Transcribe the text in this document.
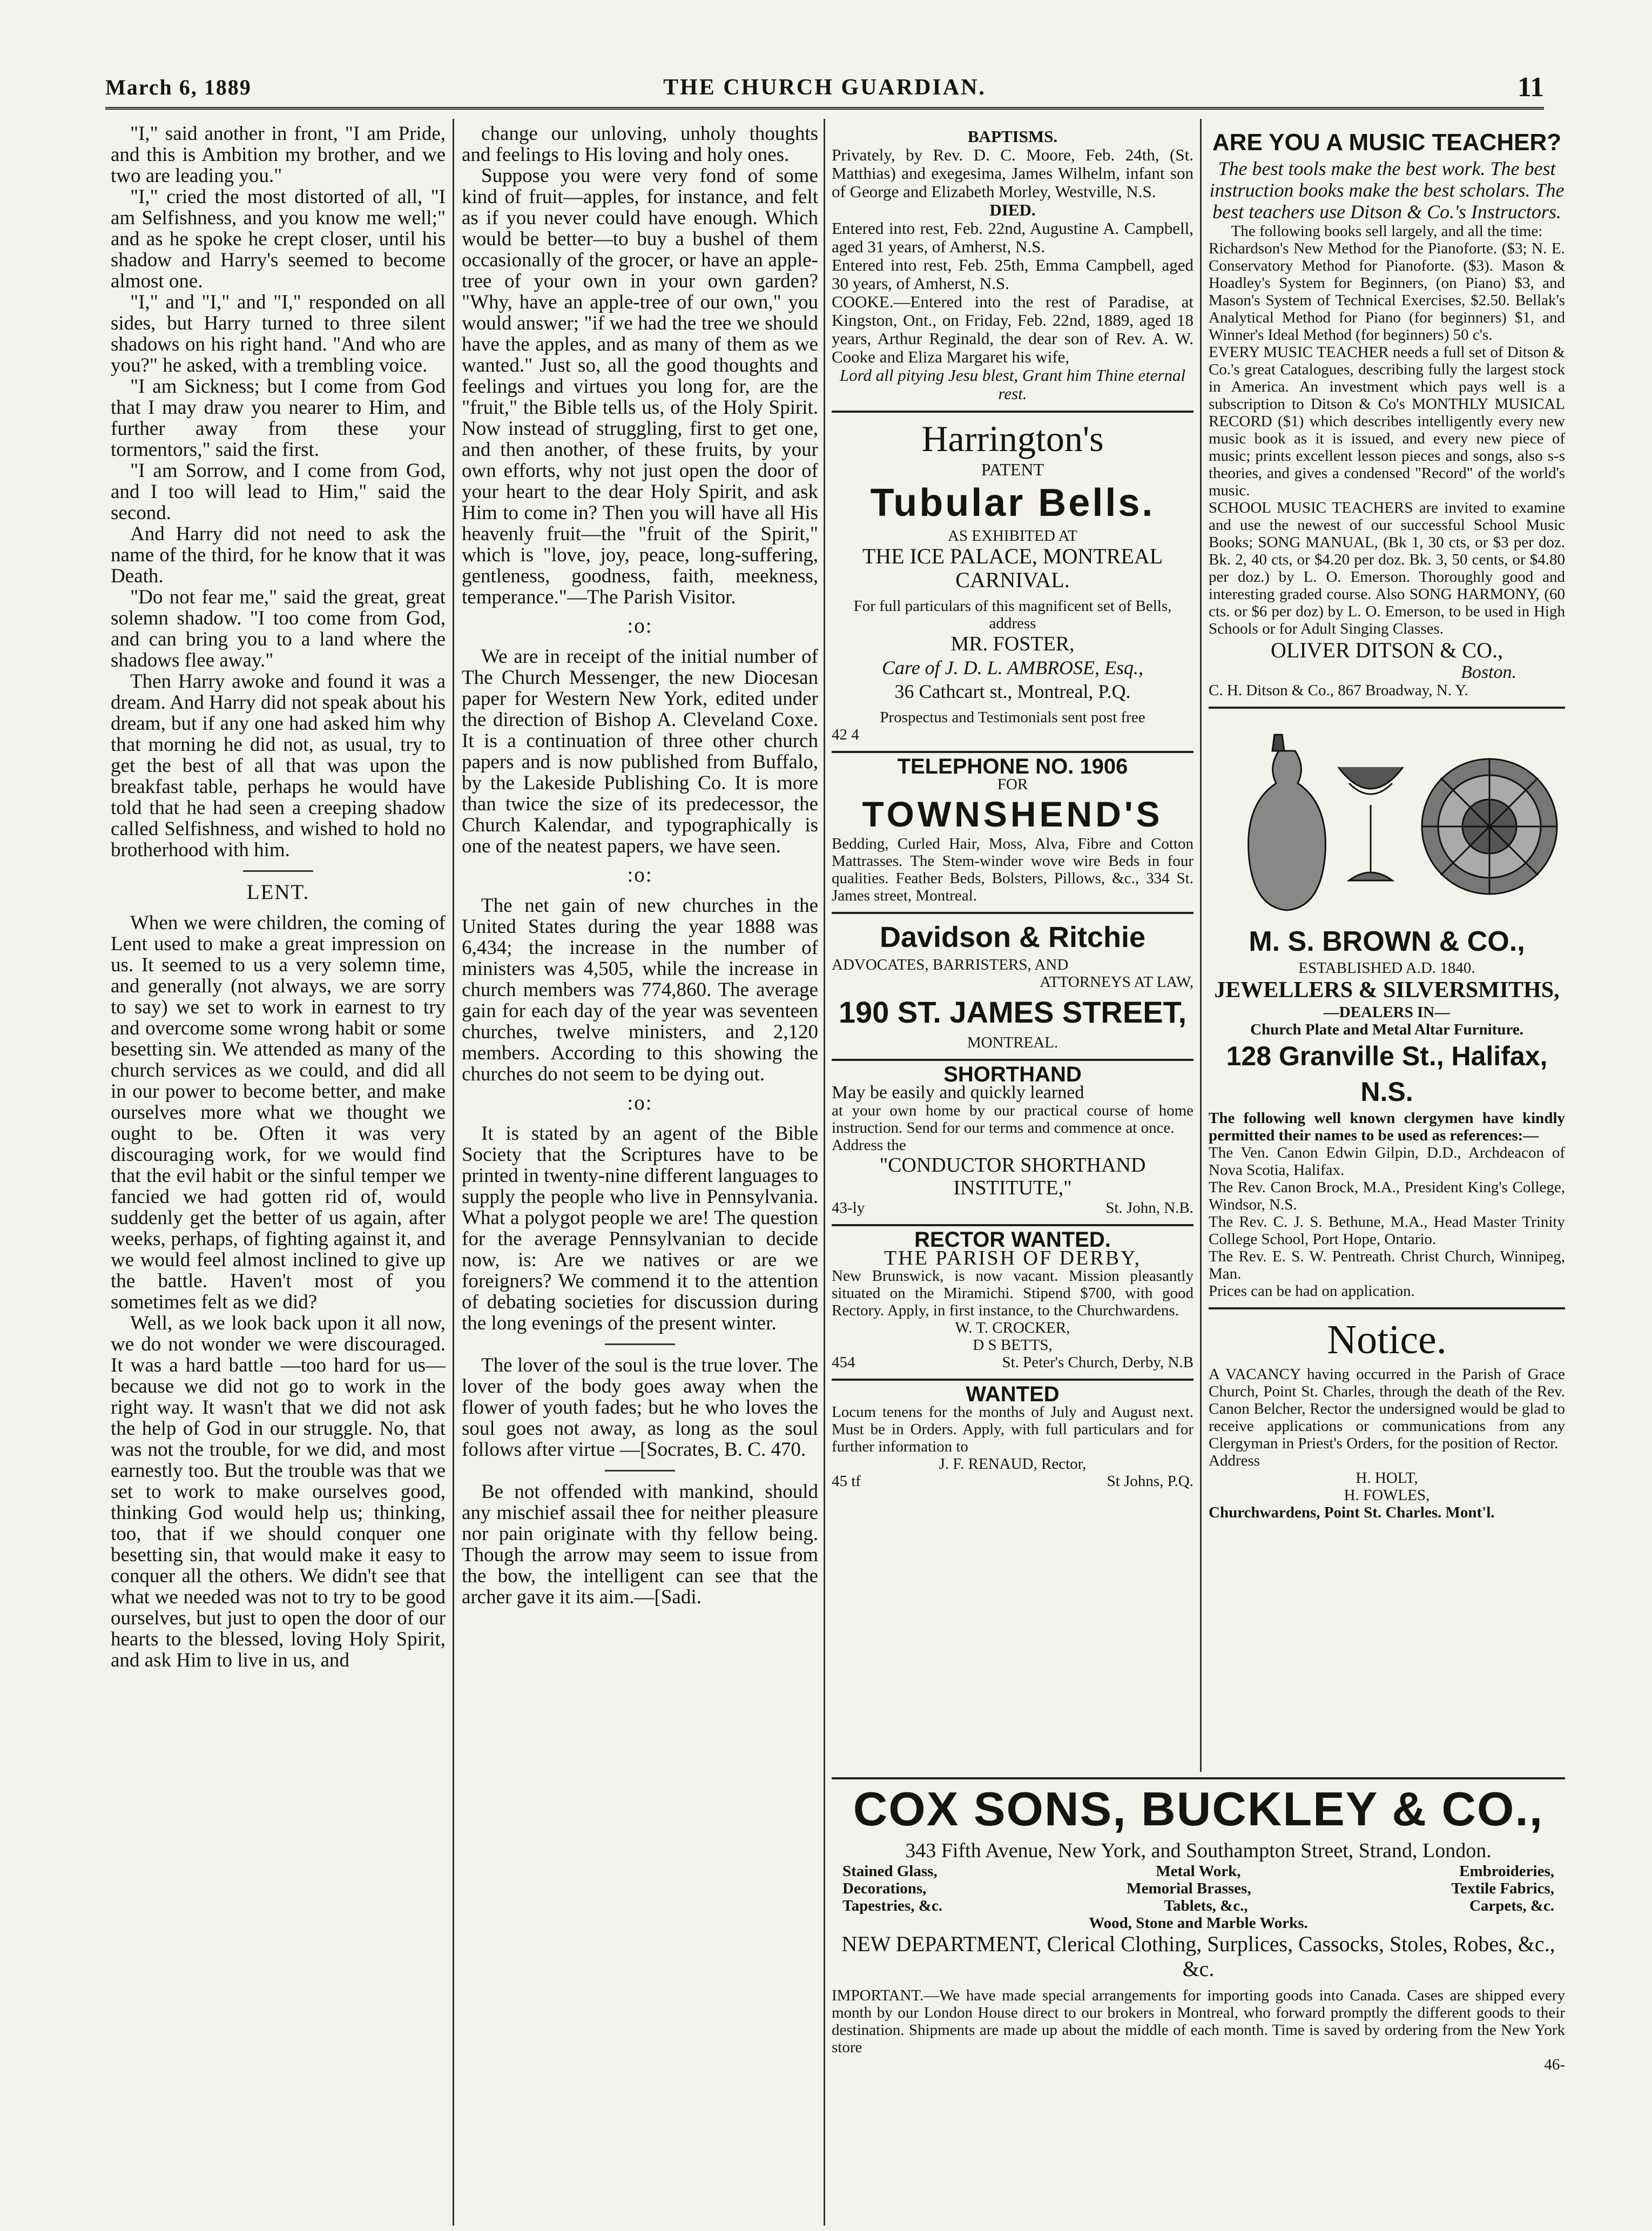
March 6, 1889	THE CHURCH GUARDIAN.	11

"I," said another in front, "I am Pride, and this is Ambition my brother, and we two are leading you."

"I," cried the most distorted of all, "I am Selfishness, and you know me well;" and as he spoke he crept closer, until his shadow and Harry's seemed to become almost one.

"I," and "I," and "I," responded on all sides, but Harry turned to three silent shadows on his right hand. "And who are you?" he asked, with a trembling voice.

"I am Sickness; but I come from God that I may draw you nearer to Him, and further away from these your tormentors," said the first.

"I am Sorrow, and I come from God, and I too will lead to Him," said the second.

And Harry did not need to ask the name of the third, for he know that it was Death.

"Do not fear me," said the great, great solemn shadow. "I too come from God, and can bring you to a land where the shadows flee away."

Then Harry awoke and found it was a dream. And Harry did not speak about his dream, but if any one had asked him why that morning he did not, as usual, try to get the best of all that was upon the breakfast table, perhaps he would have told that he had seen a creeping shadow called Selfishness, and wished to hold no brotherhood with him.

LENT.

When we were children, the coming of Lent used to make a great impression on us. It seemed to us a very solemn time, and generally (not always, we are sorry to say) we set to work in earnest to try and overcome some wrong habit or some besetting sin. We attended as many of the church services as we could, and did all in our power to become better, and make ourselves more what we thought we ought to be. Often it was very discouraging work, for we would find that the evil habit or the sinful temper we fancied we had gotten rid of, would suddenly get the better of us again, after weeks, perhaps, of fighting against it, and we would feel almost inclined to give up the battle. Haven't most of you sometimes felt as we did?

Well, as we look back upon it all now, we do not wonder we were discouraged. It was a hard battle —too hard for us—because we did not go to work in the right way. It wasn't that we did not ask the help of God in our struggle. No, that was not the trouble, for we did, and most earnestly too. But the trouble was that we set to work to make ourselves good, thinking God would help us; thinking, too, that if we should conquer one besetting sin, that would make it easy to conquer all the others. We didn't see that what we needed was not to try to be good ourselves, but just to open the door of our hearts to the blessed, loving Holy Spirit, and ask Him to live in us, and

change our unloving, unholy thoughts and feelings to His loving and holy ones.

Suppose you were very fond of some kind of fruit—apples, for instance, and felt as if you never could have enough. Which would be better—to buy a bushel of them occasionally of the grocer, or have an apple-tree of your own in your own garden? "Why, have an apple-tree of our own," you would answer; "if we had the tree we should have the apples, and as many of them as we wanted." Just so, all the good thoughts and feelings and virtues you long for, are the "fruit," the Bible tells us, of the Holy Spirit. Now instead of struggling, first to get one, and then another, of these fruits, by your own efforts, why not just open the door of your heart to the dear Holy Spirit, and ask Him to come in? Then you will have all His heavenly fruit—the "fruit of the Spirit," which is "love, joy, peace, long-suffering, gentleness, goodness, faith, meekness, temperance."—The Parish Visitor.

:o:

We are in receipt of the initial number of The Church Messenger, the new Diocesan paper for Western New York, edited under the direction of Bishop A. Cleveland Coxe. It is a continuation of three other church papers and is now published from Buffalo, by the Lakeside Publishing Co. It is more than twice the size of its predecessor, the Church Kalendar, and typographically is one of the neatest papers, we have seen.

:o:

The net gain of new churches in the United States during the year 1888 was 6,434; the increase in the number of ministers was 4,505, while the increase in church members was 774,860. The average gain for each day of the year was seventeen churches, twelve ministers, and 2,120 members. According to this showing the churches do not seem to be dying out.

:o:

It is stated by an agent of the Bible Society that the Scriptures have to be printed in twenty-nine different languages to supply the people who live in Pennsylvania. What a polygot people we are! The question for the average Pennsylvanian to decide now, is: Are we natives or are we foreigners? We commend it to the attention of debating societies for discussion during the long evenings of the present winter.

The lover of the soul is the true lover. The lover of the body goes away when the flower of youth fades; but he who loves the soul goes not away, as long as the soul follows after virtue —[Socrates, B. C. 470.

Be not offended with mankind, should any mischief assail thee for neither pleasure nor pain originate with thy fellow being. Though the arrow may seem to issue from the bow, the intelligent can see that the archer gave it its aim.—[Sadi.

BAPTISMS.

Privately, by Rev. D. C. Moore, Feb. 24th, (St. Matthias) and exegesima, James Wilhelm, infant son of George and Elizabeth Morley, Westville, N.S.

DIED.

Entered into rest, Feb. 22nd, Augustine A. Campbell, aged 31 years, of Amherst, N.S.

Entered into rest, Feb. 25th, Emma Campbell, aged 30 years, of Amherst, N.S.

COOKE.—Entered into the rest of Paradise, at Kingston, Ont., on Friday, Feb. 22nd, 1889, aged 18 years, Arthur Reginald, the dear son of Rev. A. W. Cooke and Eliza Margaret his wife,

Lord all pitying Jesu blest, Grant him Thine eternal rest.

Harrington's
PATENT
Tubular Bells.
AS EXHIBITED AT
THE ICE PALACE, MONTREAL CARNIVAL.
For full particulars of this magnificent set of Bells, address
MR. FOSTER,
Care of J. D. L. AMBROSE, Esq.,
36 Cathcart st., Montreal, P.Q.
Prospectus and Testimonials sent post free
42 4
TELEPHONE NO. 1906
FOR
TOWNSHEND'S

Bedding, Curled Hair, Moss, Alva, Fibre and Cotton Mattrasses. The Stem-winder wove wire Beds in four qualities. Feather Beds, Bolsters, Pillows, &c., 334 St. James street, Montreal.

Davidson & Ritchie
ADVOCATES, BARRISTERS, AND
ATTORNEYS AT LAW,
190 ST. JAMES STREET,
MONTREAL.
SHORTHAND
May be easily and quickly learned

at your own home by our practical course of home instruction. Send for our terms and commence at once.

Address the
"CONDUCTOR SHORTHAND INSTITUTE,"
43-ly	St. John, N.B.
RECTOR WANTED.
THE PARISH OF DERBY,

New Brunswick, is now vacant. Mission pleasantly situated on the Miramichi. Stipend $700, with good Rectory. Apply, in first instance, to the Churchwardens.

W. T. CROCKER,
D S BETTS,
454	St. Peter's Church, Derby, N.B
WANTED

Locum tenens for the months of July and August next. Must be in Orders. Apply, with full particulars and for further information to

J. F. RENAUD, Rector,
45 tf	St Johns, P.Q.
ARE YOU A MUSIC TEACHER?
The best tools make the best work. The best instruction books make the best scholars. The best teachers use Ditson & Co.'s Instructors.
The following books sell largely, and all the time:

Richardson's New Method for the Pianoforte. ($3; N. E. Conservatory Method for Pianoforte. ($3). Mason & Hoadley's System for Beginners, (on Piano) $3, and Mason's System of Technical Exercises, $2.50. Bellak's Analytical Method for Piano (for beginners) $1, and Winner's Ideal Method (for beginners) 50 c's.

EVERY MUSIC TEACHER needs a full set of Ditson & Co.'s great Catalogues, describing fully the largest stock in America. An investment which pays well is a subscription to Ditson & Co's MONTHLY MUSICAL RECORD ($1) which describes intelligently every new music book as it is issued, and every new piece of music; prints excellent lesson pieces and songs, also s-s theories, and gives a condensed "Record" of the world's music.

SCHOOL MUSIC TEACHERS are invited to examine and use the newest of our successful School Music Books; SONG MANUAL, (Bk 1, 30 cts, or $3 per doz. Bk. 2, 40 cts, or $4.20 per doz. Bk. 3, 50 cents, or $4.80 per doz.) by L. O. Emerson. Thoroughly good and interesting graded course. Also SONG HARMONY, (60 cts. or $6 per doz) by L. O. Emerson, to be used in High Schools or for Adult Singing Classes.

OLIVER DITSON & CO.,
Boston.
C. H. Ditson & Co., 867 Broadway, N. Y.
M. S. BROWN & CO.,
ESTABLISHED A.D. 1840.
JEWELLERS & SILVERSMITHS,
—DEALERS IN—
Church Plate and Metal Altar Furniture.
128 Granville St., Halifax, N.S.

The following well known clergymen have kindly permitted their names to be used as references:—

The Ven. Canon Edwin Gilpin, D.D., Archdeacon of Nova Scotia, Halifax.

The Rev. Canon Brock, M.A., President King's College, Windsor, N.S.

The Rev. C. J. S. Bethune, M.A., Head Master Trinity College School, Port Hope, Ontario.

The Rev. E. S. W. Pentreath. Christ Church, Winnipeg, Man.

Prices can be had on application.

Notice.

A VACANCY having occurred in the Parish of Grace Church, Point St. Charles, through the death of the Rev. Canon Belcher, Rector the undersigned would be glad to receive applications or communications from any Clergyman in Priest's Orders, for the position of Rector.

Address
H. HOLT,
H. FOWLES,
Churchwardens, Point St. Charles. Mont'l.
COX SONS, BUCKLEY & CO.,
343 Fifth Avenue, New York, and Southampton Street, Strand, London.
Stained Glass,	Metal Work,	Embroideries,
Decorations,	Memorial Brasses,	Textile Fabrics,
Tapestries, &c.	Tablets, &c.,	Carpets, &c.
Wood, Stone and Marble Works.
NEW DEPARTMENT, Clerical Clothing, Surplices, Cassocks, Stoles, Robes, &c., &c.

IMPORTANT.—We have made special arrangements for importing goods into Canada. Cases are shipped every month by our London House direct to our brokers in Montreal, who forward promptly the different goods to their destination. Shipments are made up about the middle of each month. Time is saved by ordering from the New York store

46-
